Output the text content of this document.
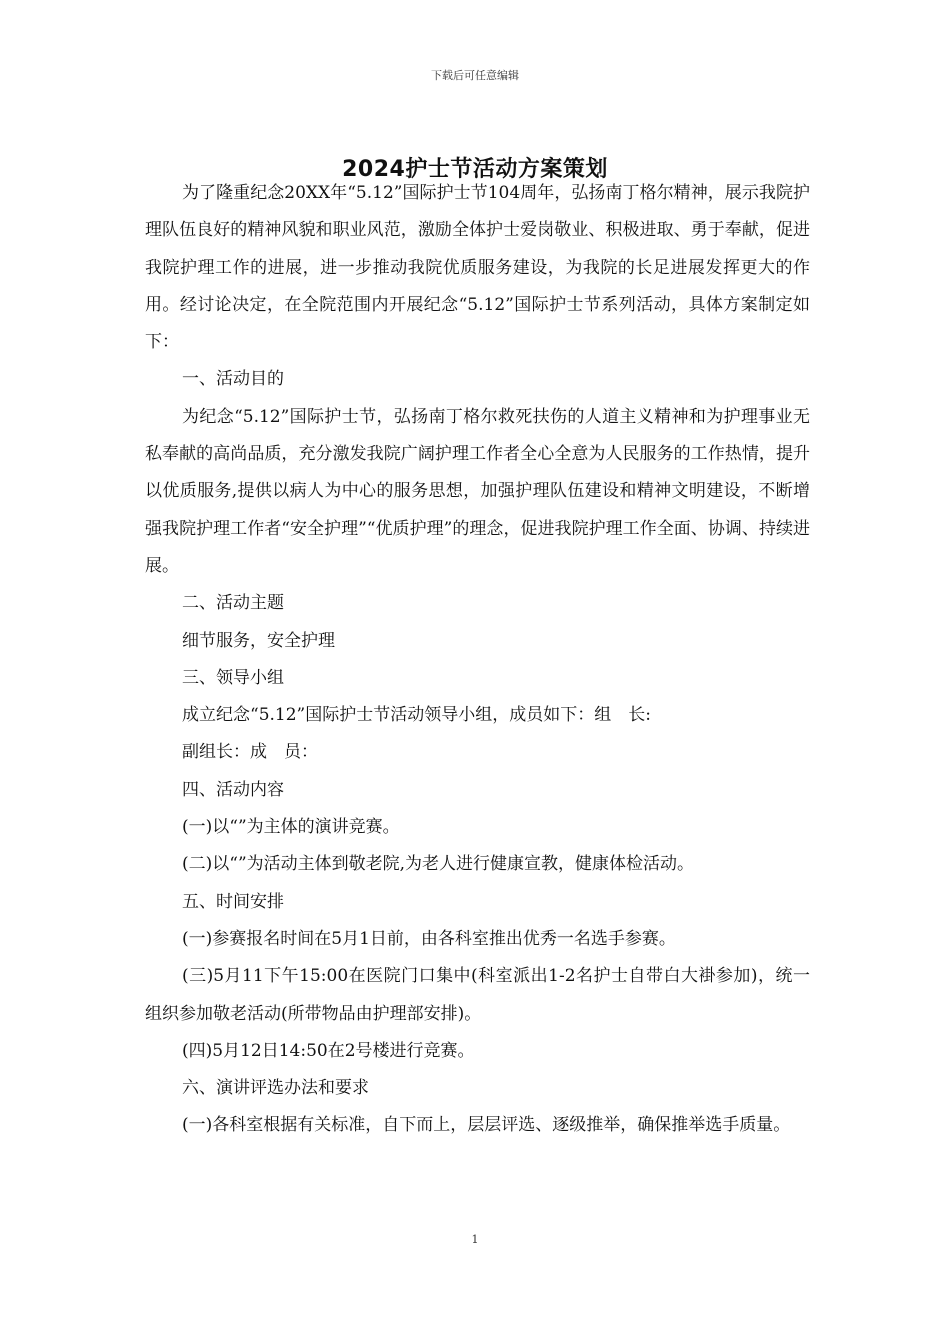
下载后可任意编辑
2024护士节活动方案策划

为了隆重纪念20XX年“5.12”国际护士节104周年，弘扬南丁格尔精神，展示我院护理队伍良好的精神风貌和职业风范，激励全体护士爱岗敬业、积极进取、勇于奉献，促进我院护理工作的进展，进一步推动我院优质服务建设，为我院的长足进展发挥更大的作用。经讨论决定，在全院范围内开展纪念“5.12”国际护士节系列活动，具体方案制定如下：

一、活动目的

为纪念“5.12”国际护士节，弘扬南丁格尔救死扶伤的人道主义精神和为护理事业无私奉献的高尚品质，充分激发我院广阔护理工作者全心全意为人民服务的工作热情，提升以优质服务,提供以病人为中心的服务思想，加强护理队伍建设和精神文明建设，不断增强我院护理工作者“安全护理”“优质护理”的理念，促进我院护理工作全面、协调、持续进展。

二、活动主题

细节服务，安全护理

三、领导小组

成立纪念“5.12”国际护士节活动领导小组，成员如下：组　长:

副组长：成　员：

四、活动内容

(一)以“”为主体的演讲竞赛。

(二)以“”为活动主体到敬老院,为老人进行健康宣教，健康体检活动。

五、时间安排

(一)参赛报名时间在5月1日前，由各科室推出优秀一名选手参赛。

(三)5月11下午15:00在医院门口集中(科室派出1-2名护士自带白大褂参加)，统一组织参加敬老活动(所带物品由护理部安排)。

(四)5月12日14:50在2号楼进行竞赛。

六、演讲评选办法和要求

(一)各科室根据有关标准，自下而上，层层评选、逐级推举，确保推举选手质量。

1
